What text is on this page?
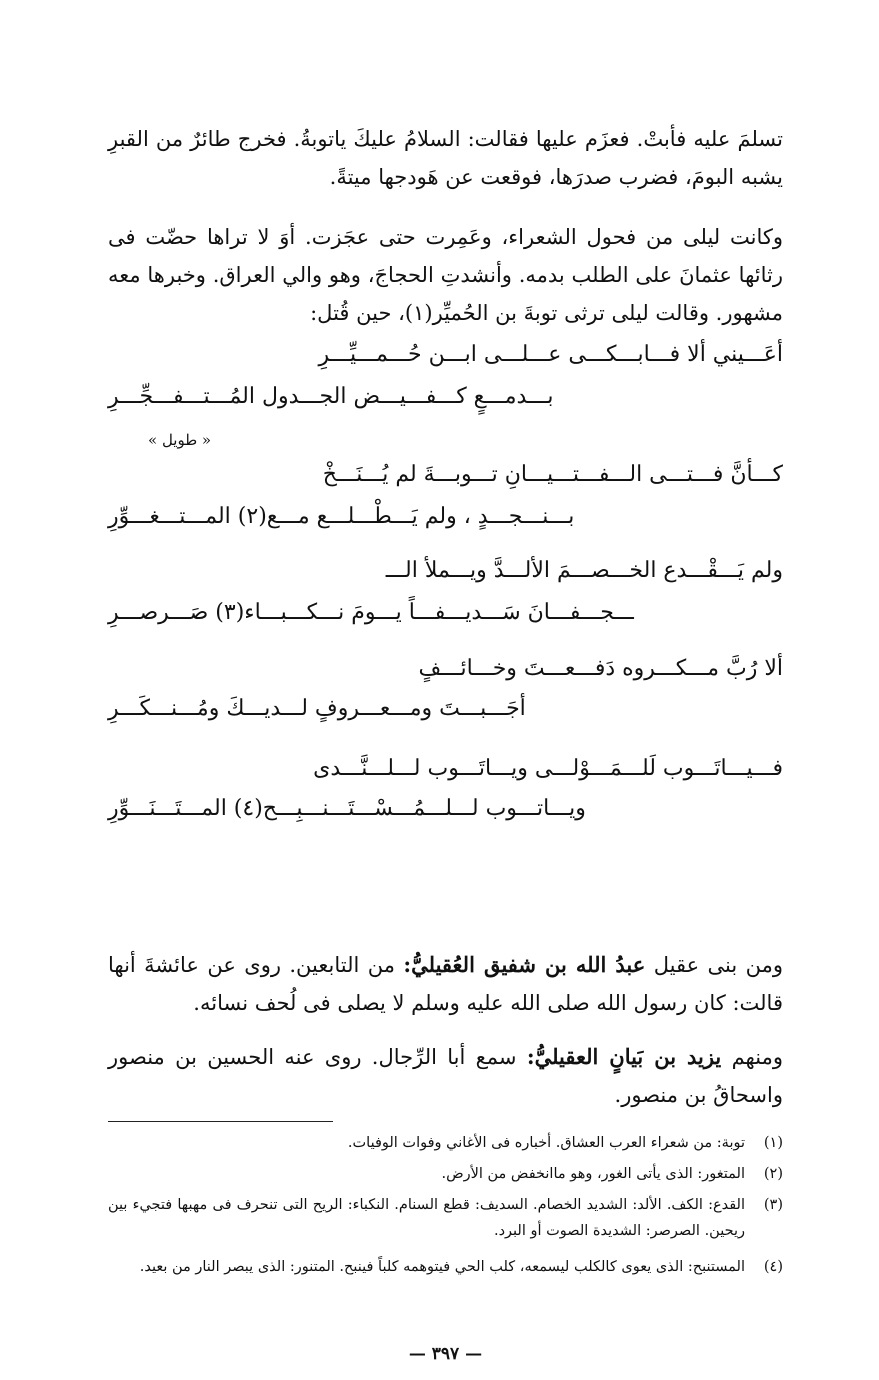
تسلمَ عليه فأبتْ. فعزَم عليها فقالت: السلامُ عليكَ ياتوبةُ. فخرج طائرٌ من القبرِ يشبه البومَ، فضرب صدرَها، فوقعت عن هَودجها ميتةً.

وكانت ليلى من فحول الشعراء، وعَمِرت حتى عجَزت. أوَ لا تراها حضّت فى رثائها عثمانَ على الطلب بدمه. وأنشدتِ الحجاجَ، وهو والي العراق. وخبرها معه مشهور. وقالت ليلى ترثى توبةَ بن الحُميِّر(١)، حين قُتل:

أعَـــيني ألا فـــابـــكـــى عـــلـــى ابـــن حُـــمـــيِّـــرِ
بـــدمـــعٍ كـــفـــيـــض الجـــدول المُـــتـــفـــجِّـــرِ
« طويل »
كـــأنَّ فـــتـــى الـــفـــتـــيـــانِ تـــوبـــةَ لم يُـــنَـــخْ
بـــنـــجـــدٍ ، ولم يَـــطْـــلـــع مـــع(٢) المـــتـــغـــوِّرِ
ولم يَـــقْـــدع الخـــصـــمَ الألـــدَّ ويـــملأ الـــ
ـــجـــفـــانَ سَـــديـــفـــاً يـــومَ نـــكـــبـــاء(٣) صَـــرصـــرِ
ألا رُبَّ مـــكـــروه دَفـــعـــتَ وخـــائـــفٍ
أجَـــبـــتَ ومـــعـــروفٍ لـــديـــكَ ومُـــنـــكَـــرِ
فـــيـــاتَـــوب لَلـــمَـــوْلـــى ويـــاتَـــوب لـــلـــنَّـــدى
ويـــاتـــوب لـــلـــمُـــسْـــتَـــنـــبِـــح(٤) المـــتَـــنَـــوِّرِ

ومن بنى عقيل عبدُ الله بن شفيق العُقيليُّ: من التابعين. روى عن عائشةَ أنها قالت: كان رسول الله صلى الله عليه وسلم لا يصلى فى لُحف نسائه.

ومنهم يزيد بن بَيانٍ العقيليُّ: سمع أبا الرِّجال. روى عنه الحسين بن منصور واسحاقُ بن منصور.

(١)
توبة: من شعراء العرب العشاق. أخباره فى الأغاني وفوات الوفيات.
(٢)
المتغور: الذى يأتى الغور، وهو ماانخفض من الأرض.
(٣)
القدع: الكف. الألد: الشديد الخصام. السديف: قطع السنام. النكباء: الريح التى تنحرف فى مهبها فتجيء بين ريحين. الصرصر: الشديدة الصوت أو البرد.
(٤)
المستنبح: الذى يعوى كالكلب ليسمعه، كلب الحي فيتوهمه كلباً فينبح. المتنور: الذى يبصر النار من بعيد.
— ٣٩٧ —
